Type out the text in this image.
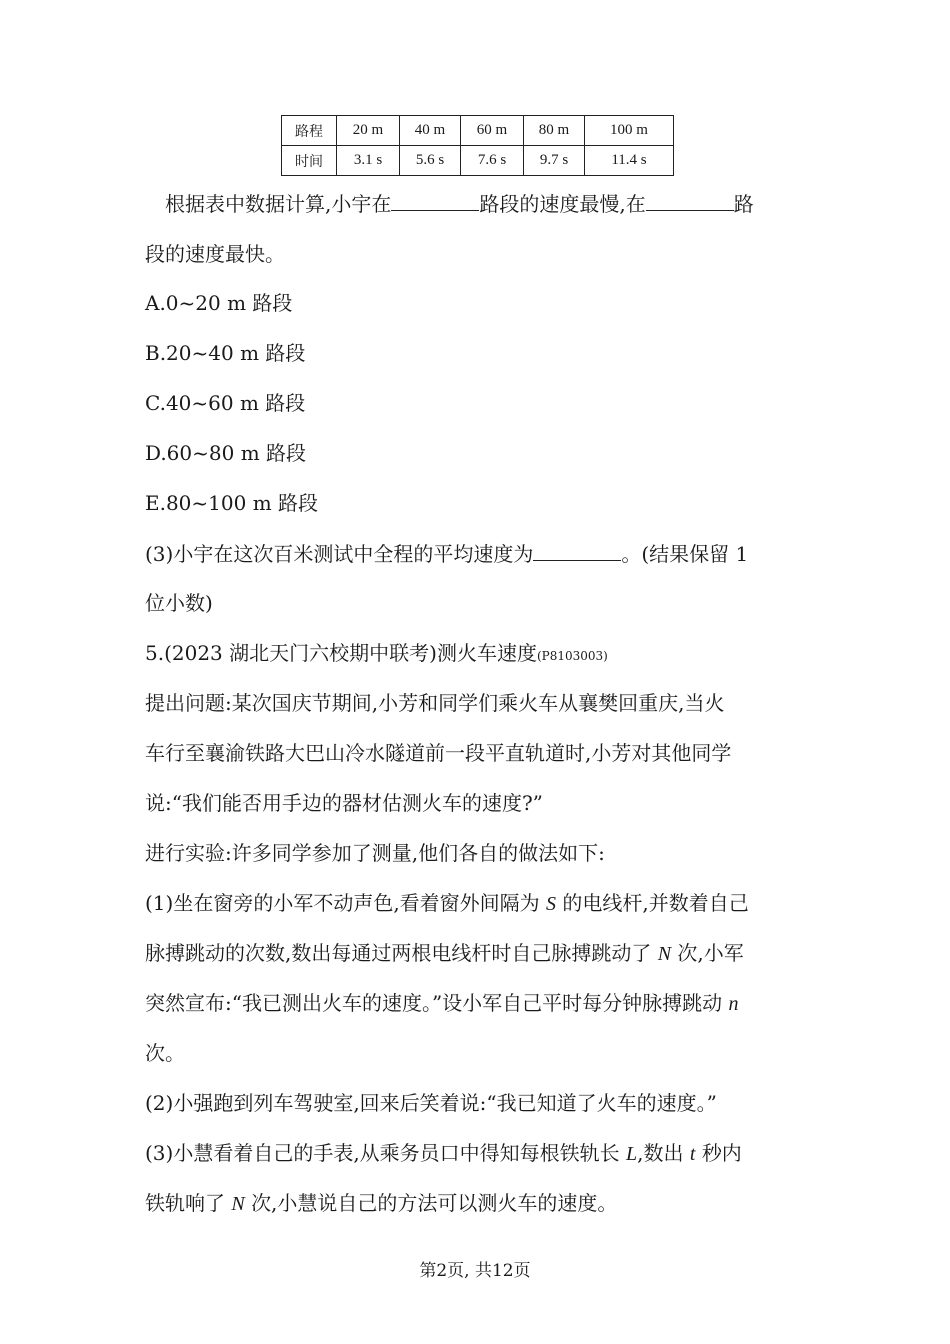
路程	20 m	40 m	60 m	80 m	100 m
时间	3.1 s	5.6 s	7.6 s	9.7 s	11.4 s
根据表中数据计算,小宇在	路段的速度最慢,在	路
段的速度最快。
A.0~20 m 路段
B.20~40 m 路段
C.40~60 m 路段
D.60~80 m 路段
E.80~100 m 路段
(3)小宇在这次百米测试中全程的平均速度为	。(结果保留 1
位小数)
5.(2023 湖北天门六校期中联考)测火车速度(P8103003)
提出问题:某次国庆节期间,小芳和同学们乘火车从襄樊回重庆,当火
车行至襄渝铁路大巴山冷水隧道前一段平直轨道时,小芳对其他同学
说:“我们能否用手边的器材估测火车的速度?”
进行实验:许多同学参加了测量,他们各自的做法如下:
(1)坐在窗旁的小军不动声色,看着窗外间隔为 S 的电线杆,并数着自己
脉搏跳动的次数,数出每通过两根电线杆时自己脉搏跳动了 N 次,小军
突然宣布:“我已测出火车的速度。”设小军自己平时每分钟脉搏跳动 n
次。
(2)小强跑到列车驾驶室,回来后笑着说:“我已知道了火车的速度。”
(3)小慧看着自己的手表,从乘务员口中得知每根铁轨长 L,数出 t 秒内
铁轨响了 N 次,小慧说自己的方法可以测火车的速度。
第2页, 共12页
